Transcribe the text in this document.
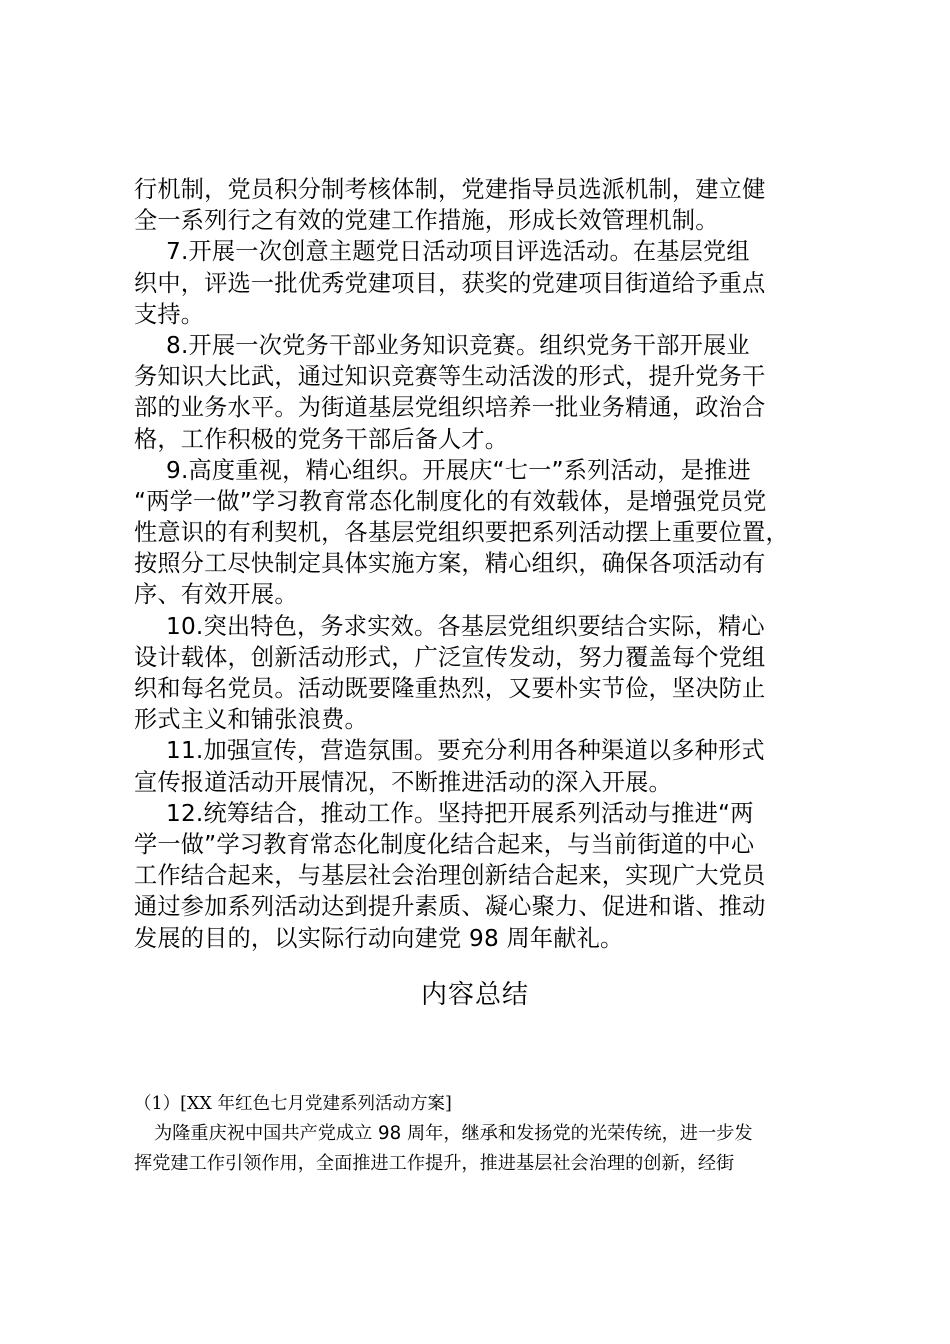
行机制，党员积分制考核体制，党建指导员选派机制，建立健
全一系列行之有效的党建工作措施，形成长效管理机制。
7.开展一次创意主题党日活动项目评选活动。在基层党组
织中，评选一批优秀党建项目，获奖的党建项目街道给予重点
支持。
8.开展一次党务干部业务知识竞赛。组织党务干部开展业
务知识大比武，通过知识竞赛等生动活泼的形式，提升党务干
部的业务水平。为街道基层党组织培养一批业务精通，政治合
格，工作积极的党务干部后备人才。
9.高度重视，精心组织。开展庆“七一”系列活动，是推进
“两学一做”学习教育常态化制度化的有效载体，是增强党员党
性意识的有利契机，各基层党组织要把系列活动摆上重要位置，
按照分工尽快制定具体实施方案，精心组织，确保各项活动有
序、有效开展。
10.突出特色，务求实效。各基层党组织要结合实际，精心
设计载体，创新活动形式，广泛宣传发动，努力覆盖每个党组
织和每名党员。活动既要隆重热烈，又要朴实节俭，坚决防止
形式主义和铺张浪费。
11.加强宣传，营造氛围。要充分利用各种渠道以多种形式
宣传报道活动开展情况，不断推进活动的深入开展。
12.统筹结合，推动工作。坚持把开展系列活动与推进“两
学一做”学习教育常态化制度化结合起来，与当前街道的中心
工作结合起来，与基层社会治理创新结合起来，实现广大党员
通过参加系列活动达到提升素质、凝心聚力、促进和谐、推动
发展的目的，以实际行动向建党 98 周年献礼。
内容总结
（1）[XX 年红色七月党建系列活动方案]
为隆重庆祝中国共产党成立 98 周年，继承和发扬党的光荣传统，进一步发
挥党建工作引领作用，全面推进工作提升，推进基层社会治理的创新，经街
